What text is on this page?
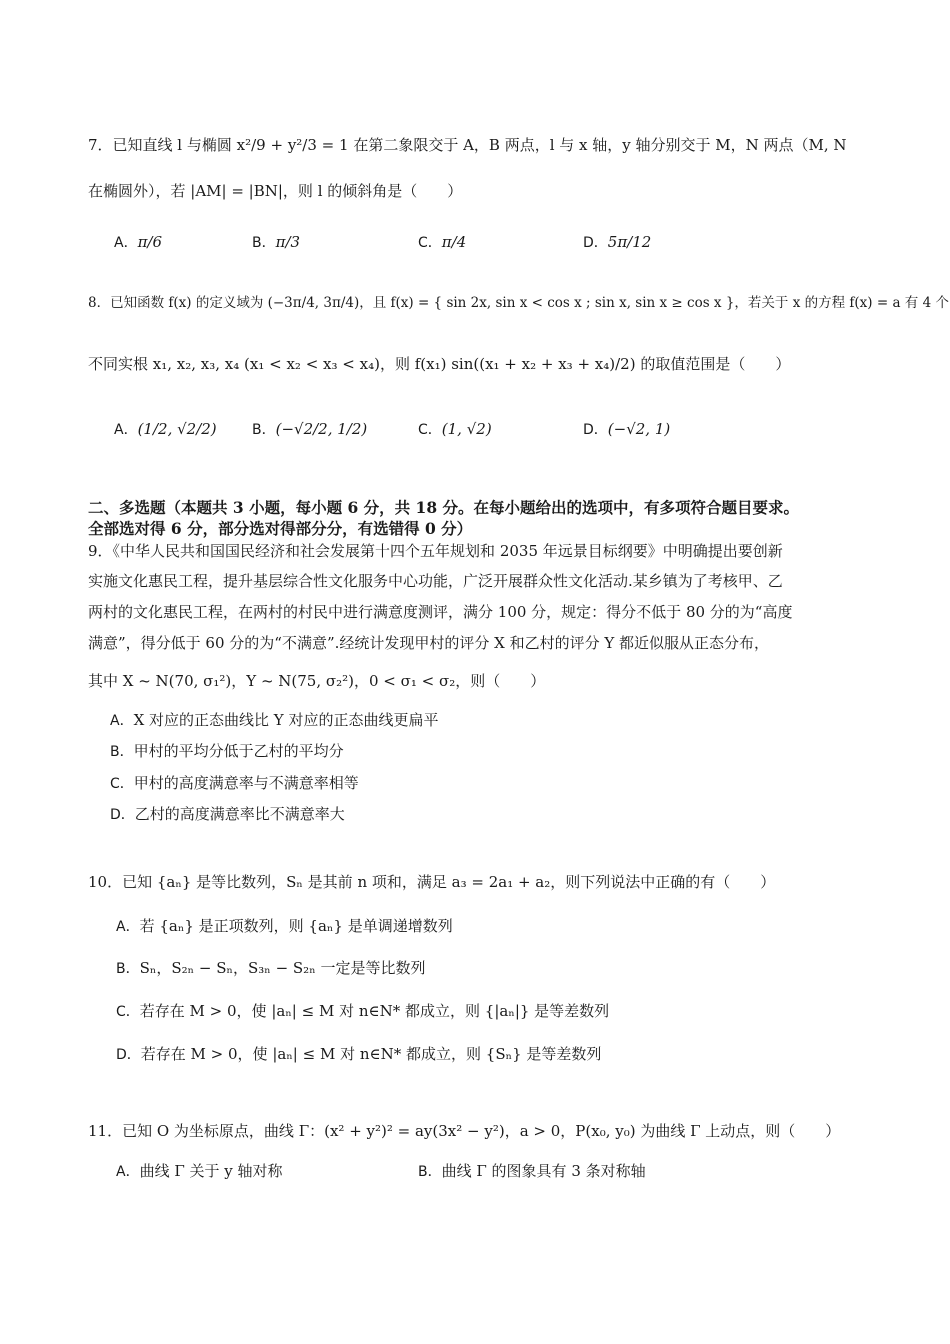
7．已知直线 l 与椭圆 x²/9 + y²/3 = 1 在第二象限交于 A，B 两点，l 与 x 轴，y 轴分别交于 M，N 两点（M, N
在椭圆外），若 |AM| = |BN|，则 l 的倾斜角是（　　）
A．π/6	B．π/3	C．π/4	D．5π/12
8．已知函数 f(x) 的定义域为 (−3π/4, 3π/4)，且 f(x) = { sin 2x, sin x < cos x ; sin x, sin x ≥ cos x }，若关于 x 的方程 f(x) = a 有 4 个
不同实根 x₁, x₂, x₃, x₄ (x₁ < x₂ < x₃ < x₄)，则 f(x₁) sin((x₁ + x₂ + x₃ + x₄)/2) 的取值范围是（　　）
A．(1/2, √2/2)	B．(−√2/2, 1/2)	C．(1, √2)	D．(−√2, 1)
二、多选题（本题共 3 小题，每小题 6 分，共 18 分。在每小题给出的选项中，有多项符合题目要求。
全部选对得 6 分，部分选对得部分分，有选错得 0 分）
9．《中华人民共和国国民经济和社会发展第十四个五年规划和 2035 年远景目标纲要》中明确提出要创新
实施文化惠民工程，提升基层综合性文化服务中心功能，广泛开展群众性文化活动.某乡镇为了考核甲、乙
两村的文化惠民工程，在两村的村民中进行满意度测评，满分 100 分，规定：得分不低于 80 分的为“高度
满意”，得分低于 60 分的为“不满意”.经统计发现甲村的评分 X 和乙村的评分 Y 都近似服从正态分布，
其中 X ~ N(70, σ₁²)，Y ~ N(75, σ₂²)，0 < σ₁ < σ₂，则（　　）
A．X 对应的正态曲线比 Y 对应的正态曲线更扁平
B．甲村的平均分低于乙村的平均分
C．甲村的高度满意率与不满意率相等
D．乙村的高度满意率比不满意率大
10．已知 {aₙ} 是等比数列，Sₙ 是其前 n 项和，满足 a₃ = 2a₁ + a₂，则下列说法中正确的有（　　）
A．若 {aₙ} 是正项数列，则 {aₙ} 是单调递增数列
B．Sₙ，S₂ₙ − Sₙ，S₃ₙ − S₂ₙ 一定是等比数列
C．若存在 M > 0，使 |aₙ| ≤ M 对 n∈N* 都成立，则 {|aₙ|} 是等差数列
D．若存在 M > 0，使 |aₙ| ≤ M 对 n∈N* 都成立，则 {Sₙ} 是等差数列
11．已知 O 为坐标原点，曲线 Γ：(x² + y²)² = ay(3x² − y²)，a > 0，P(x₀, y₀) 为曲线 Γ 上动点，则（　　）
A．曲线 Γ 关于 y 轴对称	B．曲线 Γ 的图象具有 3 条对称轴
